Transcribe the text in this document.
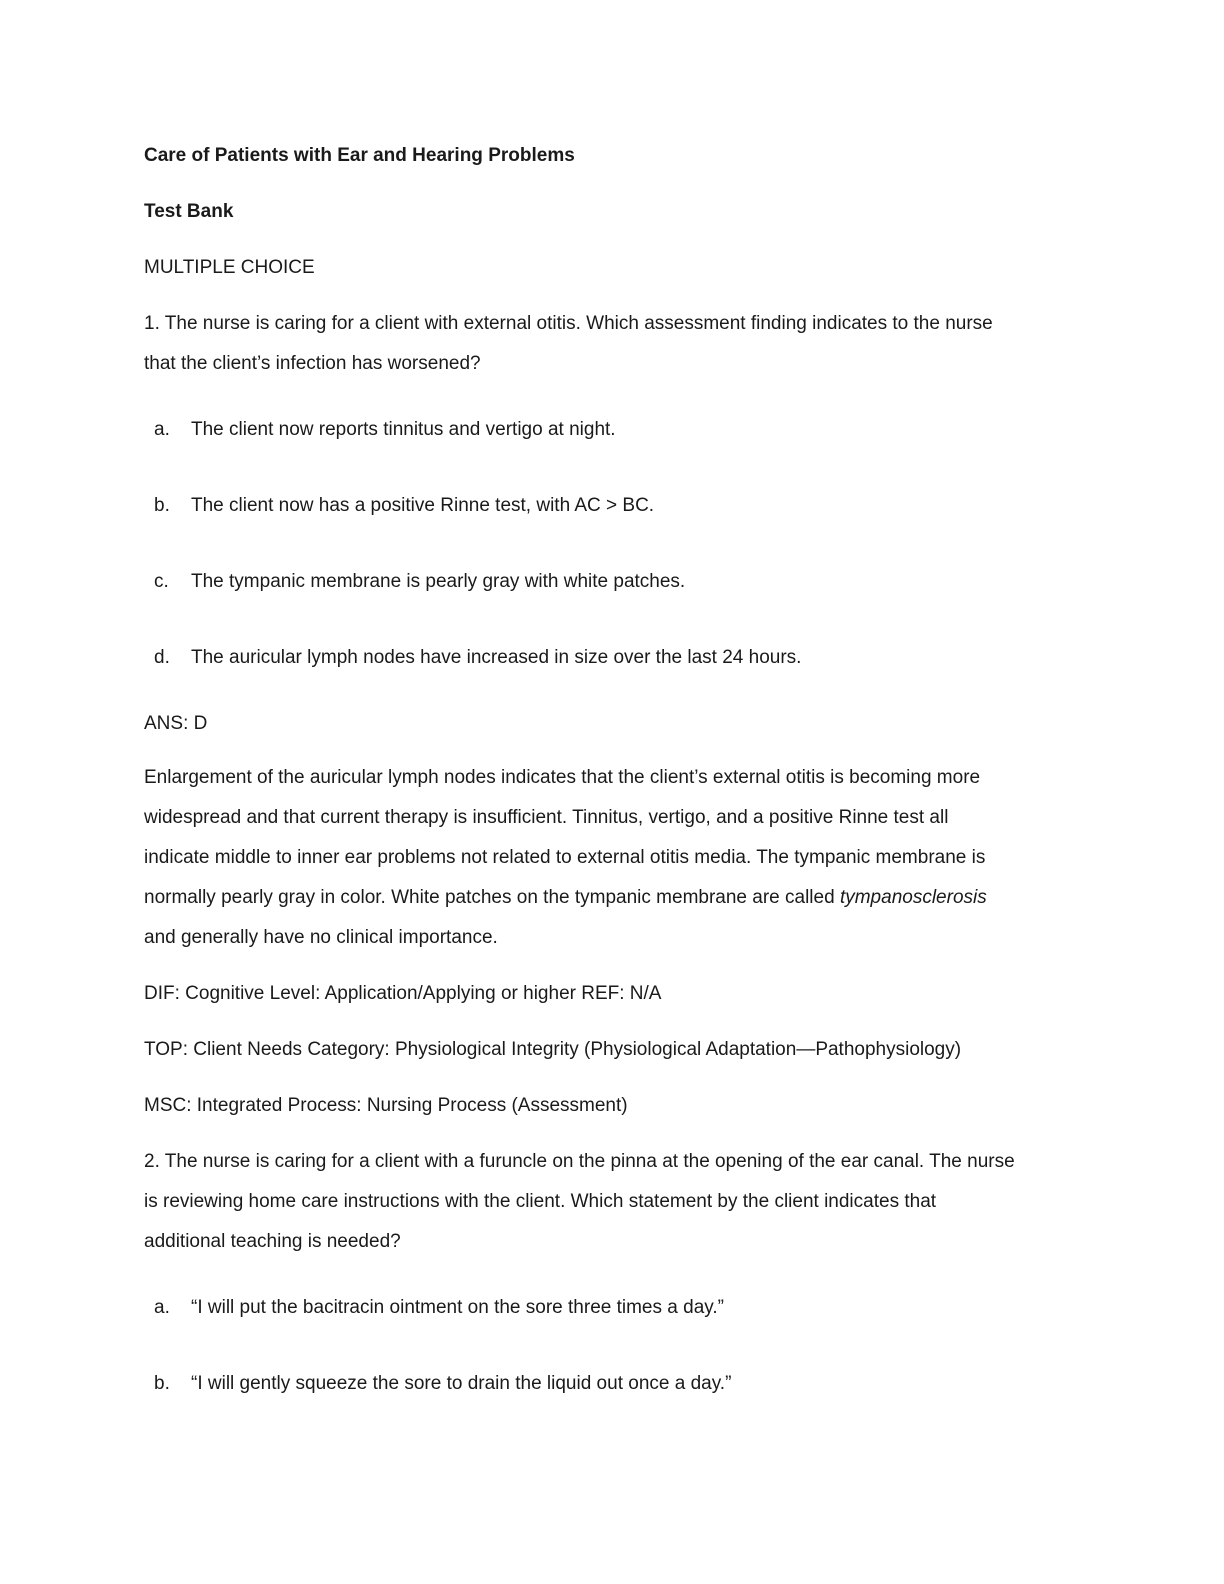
Care of Patients with Ear and Hearing Problems
Test Bank
MULTIPLE CHOICE
1. The nurse is caring for a client with external otitis. Which assessment finding indicates to the nurse
that the client’s infection has worsened?
a. The client now reports tinnitus and vertigo at night.
b. The client now has a positive Rinne test, with AC > BC.
c. The tympanic membrane is pearly gray with white patches.
d. The auricular lymph nodes have increased in size over the last 24 hours.
ANS: D
Enlargement of the auricular lymph nodes indicates that the client’s external otitis is becoming more
widespread and that current therapy is insufficient. Tinnitus, vertigo, and a positive Rinne test all
indicate middle to inner ear problems not related to external otitis media. The tympanic membrane is
normally pearly gray in color. White patches on the tympanic membrane are called tympanosclerosis
and generally have no clinical importance.
DIF: Cognitive Level: Application/Applying or higher REF: N/A
TOP: Client Needs Category: Physiological Integrity (Physiological Adaptation—Pathophysiology)
MSC: Integrated Process: Nursing Process (Assessment)
2. The nurse is caring for a client with a furuncle on the pinna at the opening of the ear canal. The nurse
is reviewing home care instructions with the client. Which statement by the client indicates that
additional teaching is needed?
a. “I will put the bacitracin ointment on the sore three times a day.”
b. “I will gently squeeze the sore to drain the liquid out once a day.”
